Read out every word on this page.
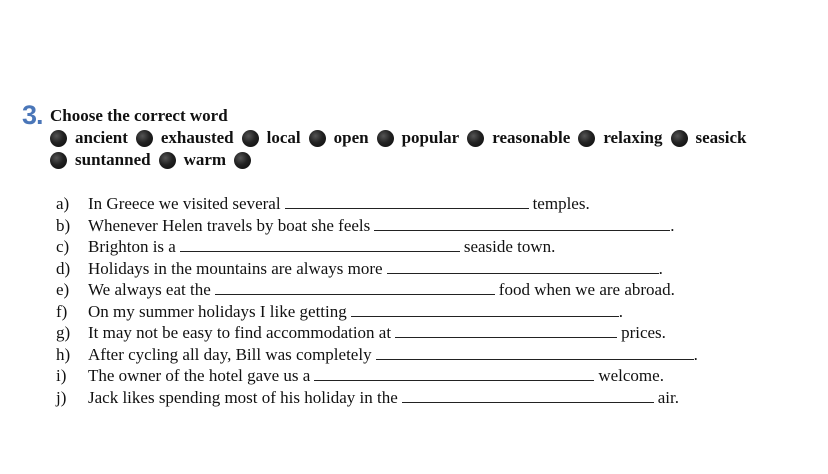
3. Choose the correct word
ancient exhausted local open popular reasonable relaxing seasick
suntanned warm
a)	In Greece we visited several	temples.
b)	Whenever Helen travels by boat she feels	.
c)	Brighton is a	seaside town.
d)	Holidays in the mountains are always more	.
e)	We always eat the	food when we are abroad.
f)	On my summer holidays I like getting	.
g)	It may not be easy to find accommodation at	prices.
h)	After cycling all day, Bill was completely	.
i)	The owner of the hotel gave us a	welcome.
j)	Jack likes spending most of his holiday in the	air.
